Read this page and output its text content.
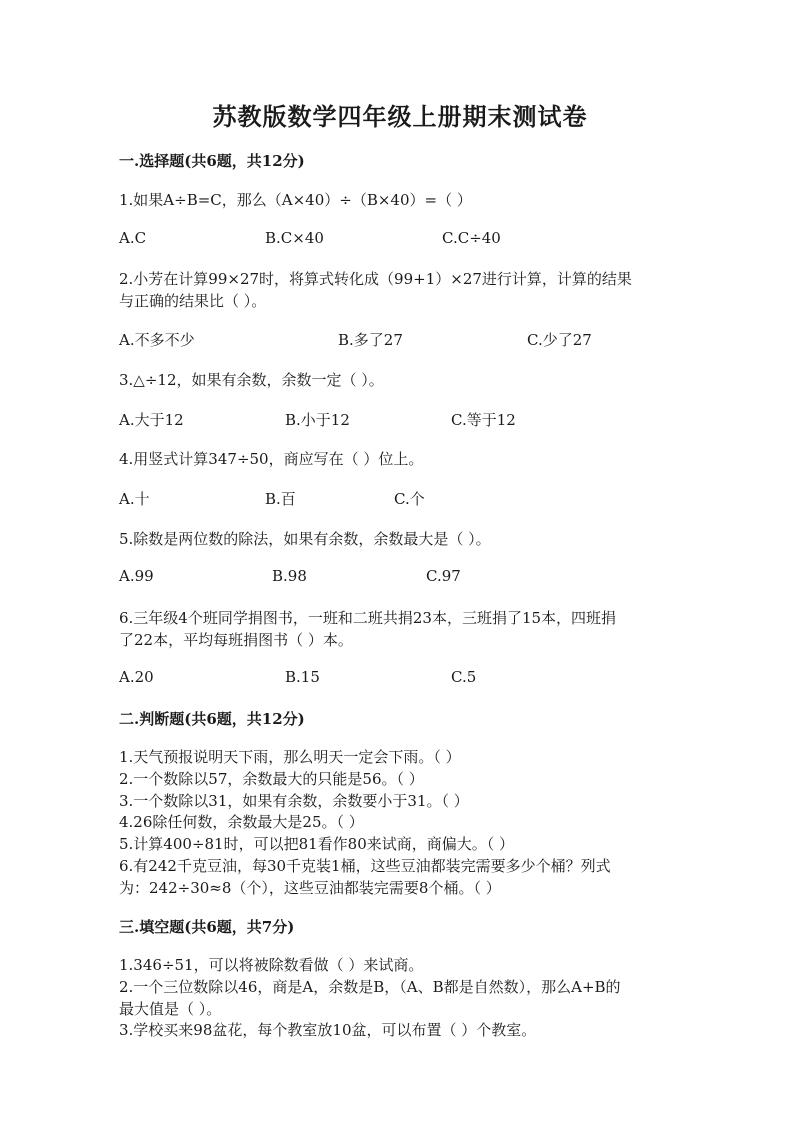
苏教版数学四年级上册期末测试卷
一.选择题(共6题，共12分)
1.如果A÷B=C，那么（A×40）÷（B×40）=（ ）
A.C	B.C×40	C.C÷40
2.小芳在计算99×27时，将算式转化成（99+1）×27进行计算，计算的结果
与正确的结果比（ ）。
A.不多不少	B.多了27	C.少了27
3.△÷12，如果有余数，余数一定（ ）。
A.大于12	B.小于12	C.等于12
4.用竖式计算347÷50，商应写在（ ）位上。
A.十	B.百	C.个
5.除数是两位数的除法，如果有余数，余数最大是（ ）。
A.99	B.98	C.97
6.三年级4个班同学捐图书，一班和二班共捐23本，三班捐了15本，四班捐
了22本，平均每班捐图书（ ）本。
A.20	B.15	C.5
二.判断题(共6题，共12分)
1.天气预报说明天下雨，那么明天一定会下雨。（ ）
2.一个数除以57，余数最大的只能是56。（ ）
3.一个数除以31，如果有余数，余数要小于31。（ ）
4.26除任何数，余数最大是25。（ ）
5.计算400÷81时，可以把81看作80来试商，商偏大。（ ）
6.有242千克豆油，每30千克装1桶，这些豆油都装完需要多少个桶？列式
为：242÷30≈8（个），这些豆油都装完需要8个桶。（ ）
三.填空题(共6题，共7分)
1.346÷51，可以将被除数看做（ ）来试商。
2.一个三位数除以46，商是A，余数是B，（A、B都是自然数），那么A+B的
最大值是（ ）。
3.学校买来98盆花，每个教室放10盆，可以布置（ ）个教室。
